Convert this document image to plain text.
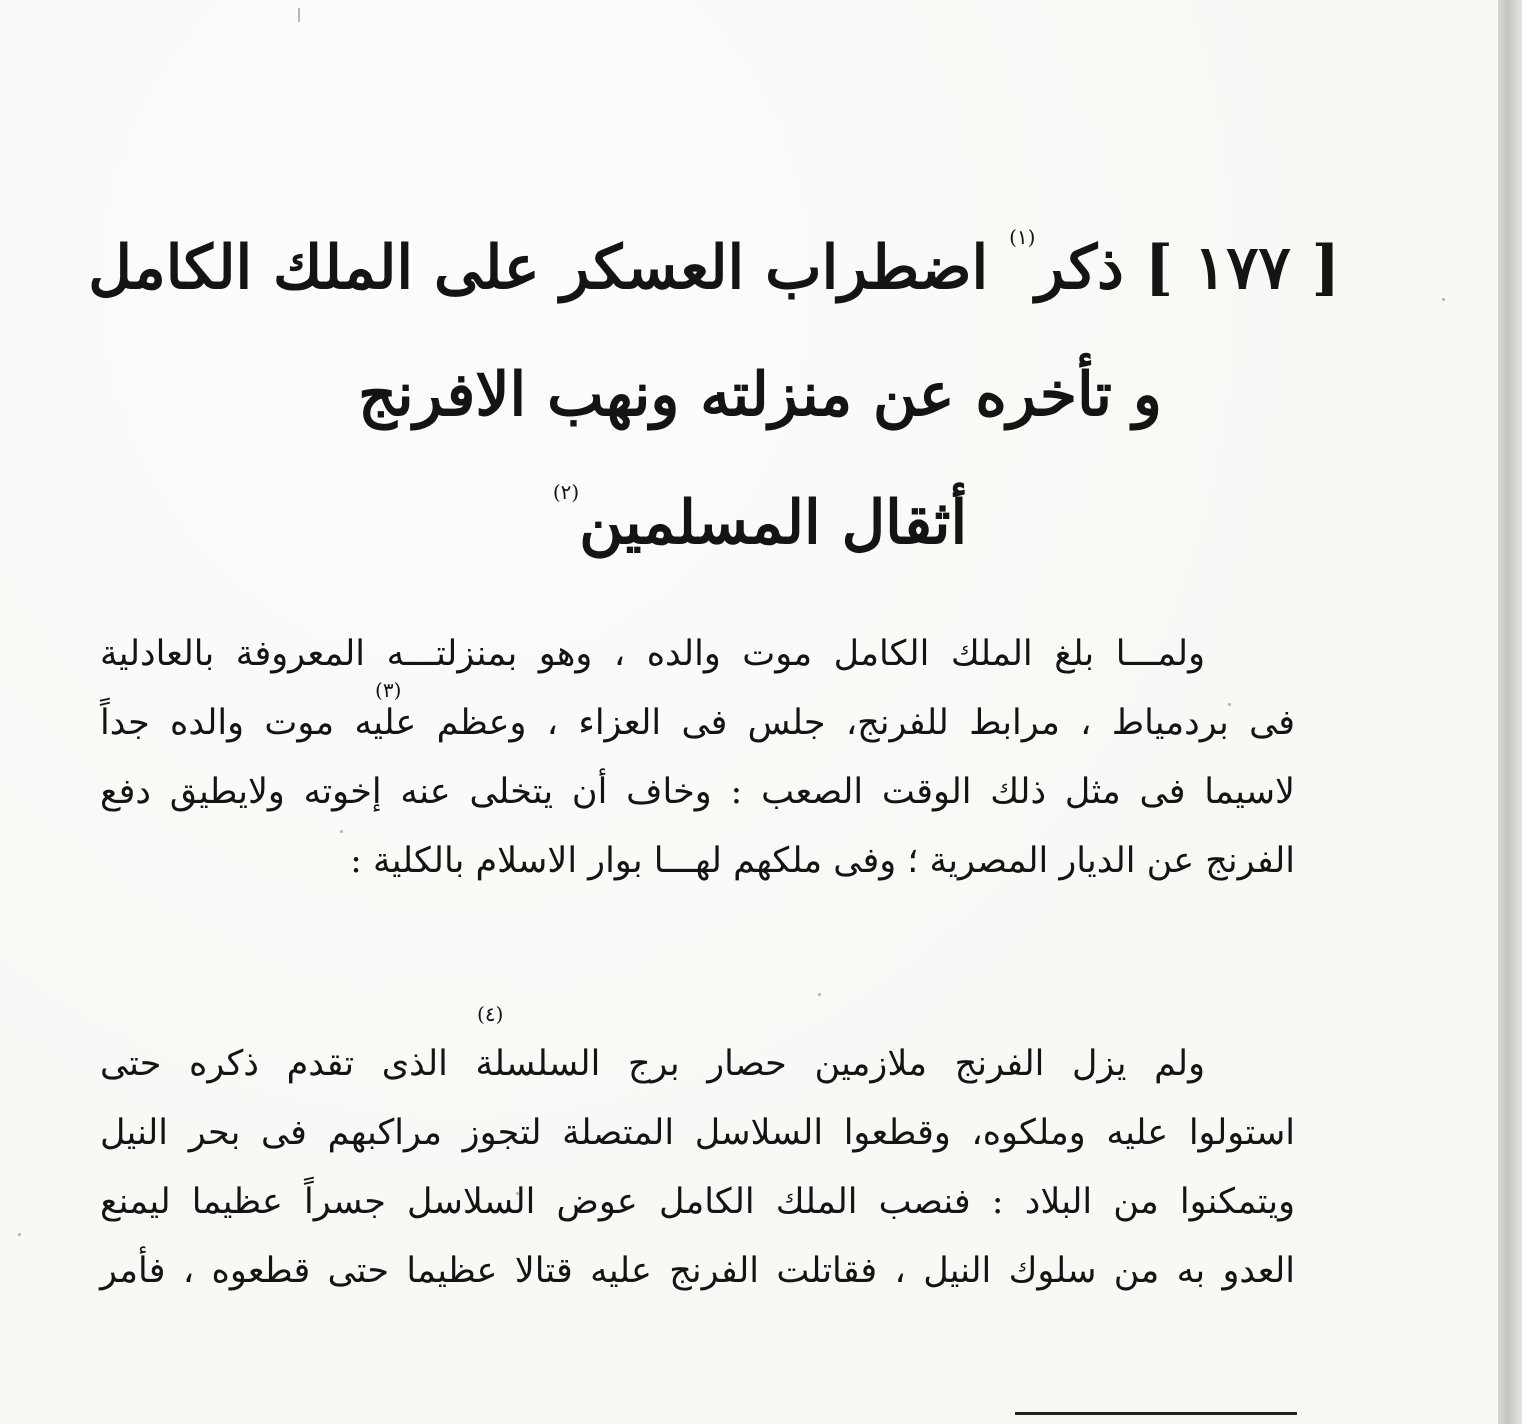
[ ١٧٧ ] ذكر$^{(١)}$ اضطراب العسكر على الملك الكامل
و تأخره عن منزلته ونهب الافرنج
أثقال المسلمين$^{(٢)}$
ولمـــا بلغ الملك الكامل موت والده ، وهو بمنزلتـــه المعروفة بالعادلية
فى بردمياط ، مرابط للفرنج، جلس فى العزاء ، وعظم عليه موت والده جداً
لاسيما فى مثل ذلك الوقت الصعب : وخاف أن يتخلى عنه إخوته ولايطيق دفع
الفرنج عن الديار المصرية ؛ وفى ملكهم لهـــا بوار الاسلام بالكلية :
(٣)
ولم يزل الفرنج ملازمين حصار برج السلسلة الذى تقدم ذكره حتى
استولوا عليه وملكوه، وقطعوا السلاسل المتصلة لتجوز مراكبهم فى بحر النيل
ويتمكنوا من البلاد : فنصب الملك الكامل عوض السلاسل جسراً عظيما ليمنع
العدو به من سلوك النيل ، فقاتلت الفرنج عليه قتالا عظيما حتى قطعوه ، فأمر
(٤)
